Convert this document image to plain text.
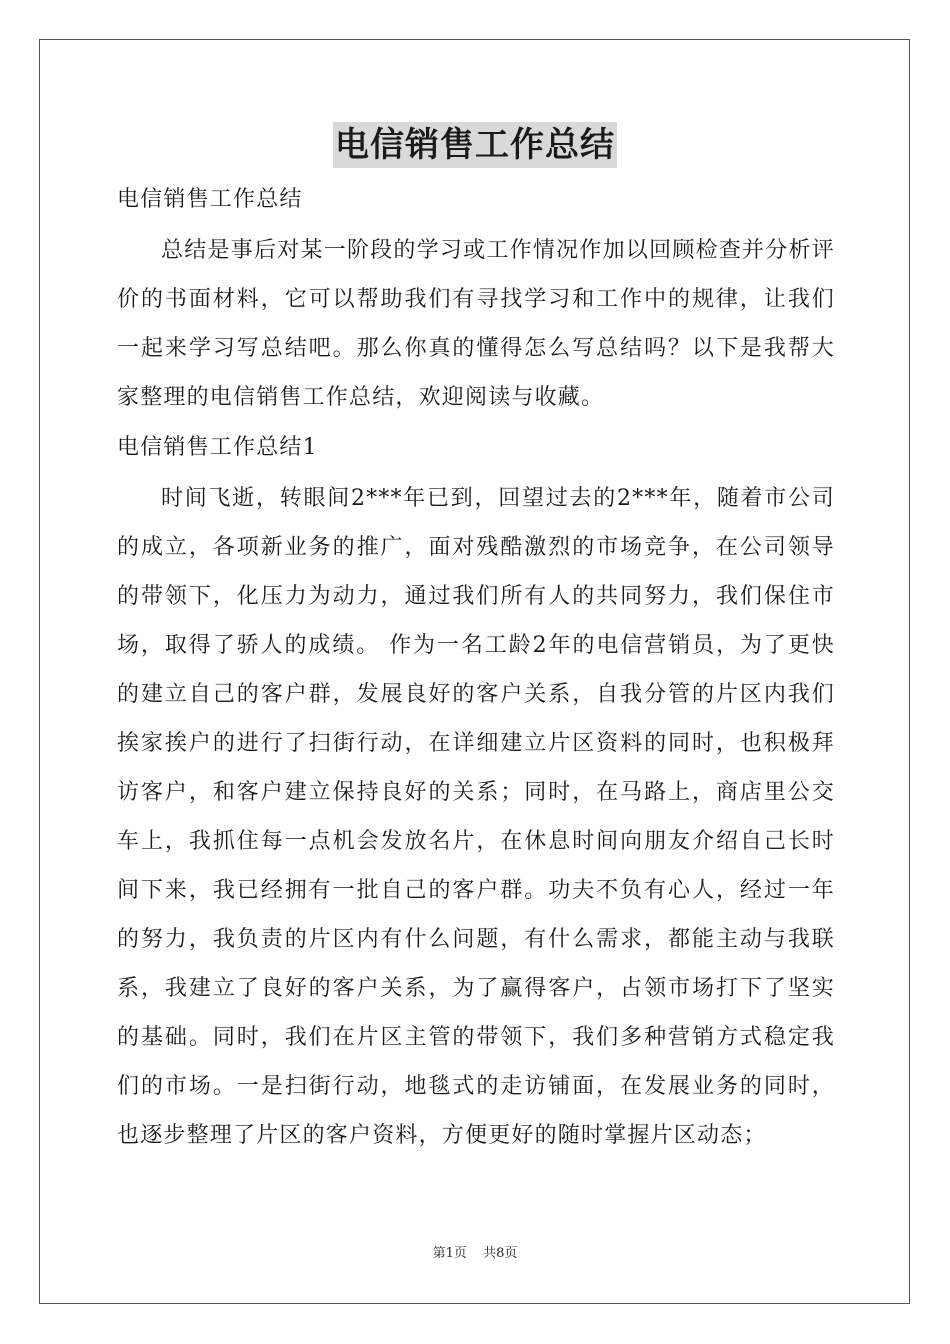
电信销售工作总结

电信销售工作总结

总结是事后对某一阶段的学习或工作情况作加以回顾检查并分析评价的书面材料，它可以帮助我们有寻找学习和工作中的规律，让我们一起来学习写总结吧。那么你真的懂得怎么写总结吗？以下是我帮大家整理的电信销售工作总结，欢迎阅读与收藏。

电信销售工作总结1

时间飞逝，转眼间2***年已到，回望过去的2***年，随着市公司的成立，各项新业务的推广，面对残酷激烈的市场竞争，在公司领导的带领下，化压力为动力，通过我们所有人的共同努力，我们保住市场，取得了骄人的成绩。 作为一名工龄2年的电信营销员，为了更快的建立自己的客户群，发展良好的客户关系，自我分管的片区内我们挨家挨户的进行了扫街行动，在详细建立片区资料的同时，也积极拜访客户，和客户建立保持良好的关系；同时，在马路上，商店里公交车上，我抓住每一点机会发放名片，在休息时间向朋友介绍自己长时间下来，我已经拥有一批自己的客户群。功夫不负有心人，经过一年的努力，我负责的片区内有什么问题，有什么需求，都能主动与我联系，我建立了良好的客户关系，为了赢得客户，占领市场打下了坚实的基础。同时，我们在片区主管的带领下，我们多种营销方式稳定我们的市场。一是扫街行动，地毯式的走访铺面，在发展业务的同时，也逐步整理了片区的客户资料，方便更好的随时掌握片区动态；

第1页 共8页
